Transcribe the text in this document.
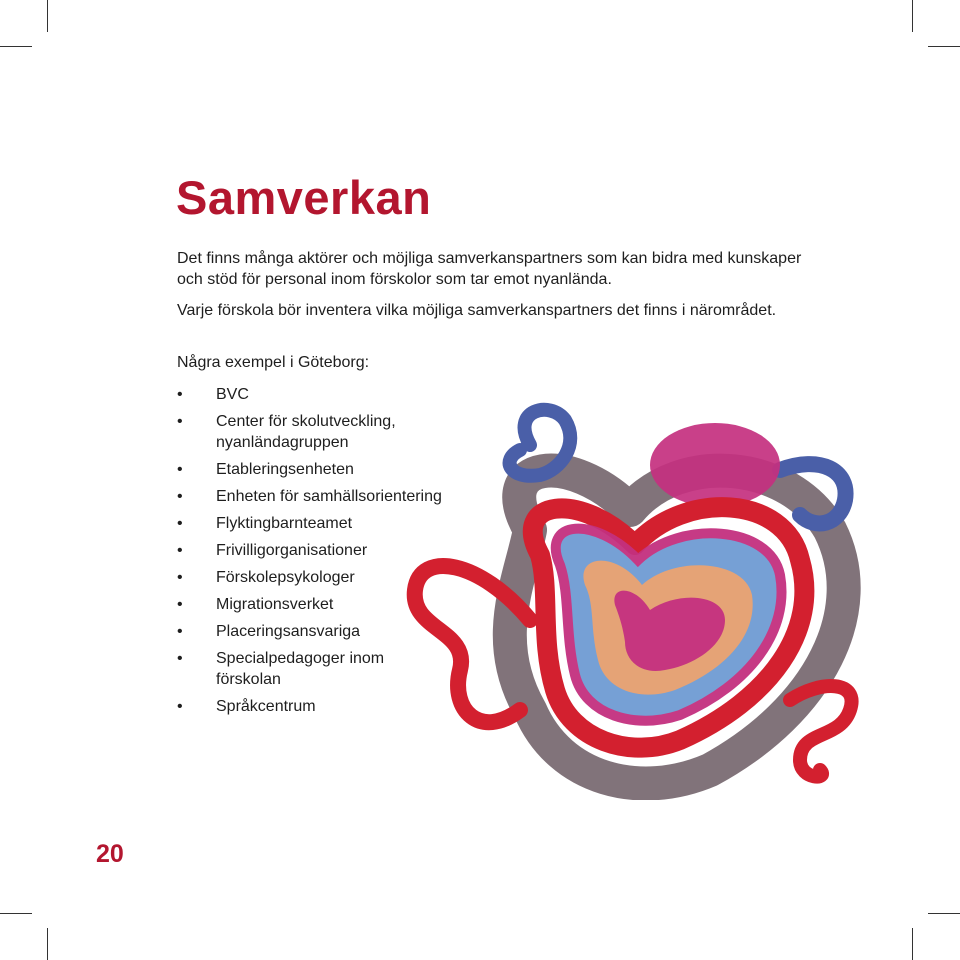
Samverkan

Det finns många aktörer och möjliga samverkanspartners som kan bidra med kunskaper och stöd för personal inom förskolor som tar emot nyanlända.

Varje förskola bör inventera vilka möjliga samverkanspartners det finns i närområdet.

Några exempel i Göteborg:

• BVC
• Center för skolutveckling, nyanländagruppen
• Etableringsenheten
• Enheten för samhällsorientering
• Flyktingbarnteamet
• Frivilligorganisationer
• Förskolepsykologer
• Migrationsverket
• Placeringsansvariga
• Specialpedagoger inom förskolan
• Språkcentrum
20
